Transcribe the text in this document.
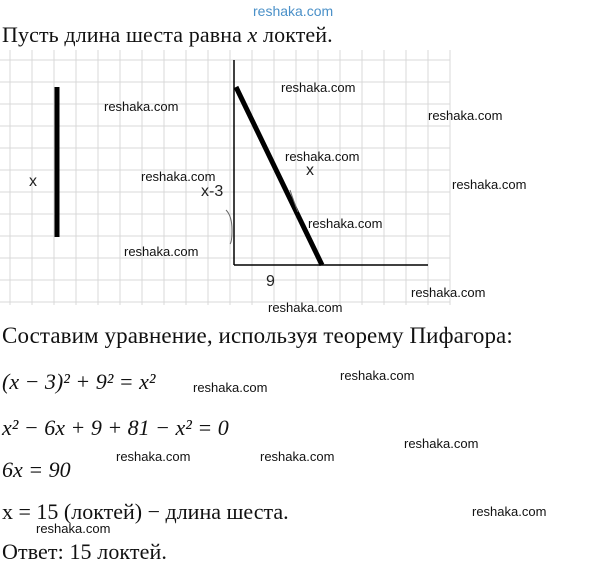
reshaka.com
Пусть длина шеста равна x локтей.
x
x-3
x
9
Составим уравнение, используя теорему Пифагора:
(x − 3)² + 9² = x²
x² − 6x + 9 + 81 − x² = 0
6x = 90
x = 15 (локтей) − длина шеста.
Ответ: 15 локтей.
reshaka.com
reshaka.com
reshaka.com
reshaka.com
reshaka.com
reshaka.com
reshaka.com
reshaka.com
reshaka.com
reshaka.com
reshaka.com
reshaka.com
reshaka.com
reshaka.com	reshaka.com
reshaka.com
reshaka.com
